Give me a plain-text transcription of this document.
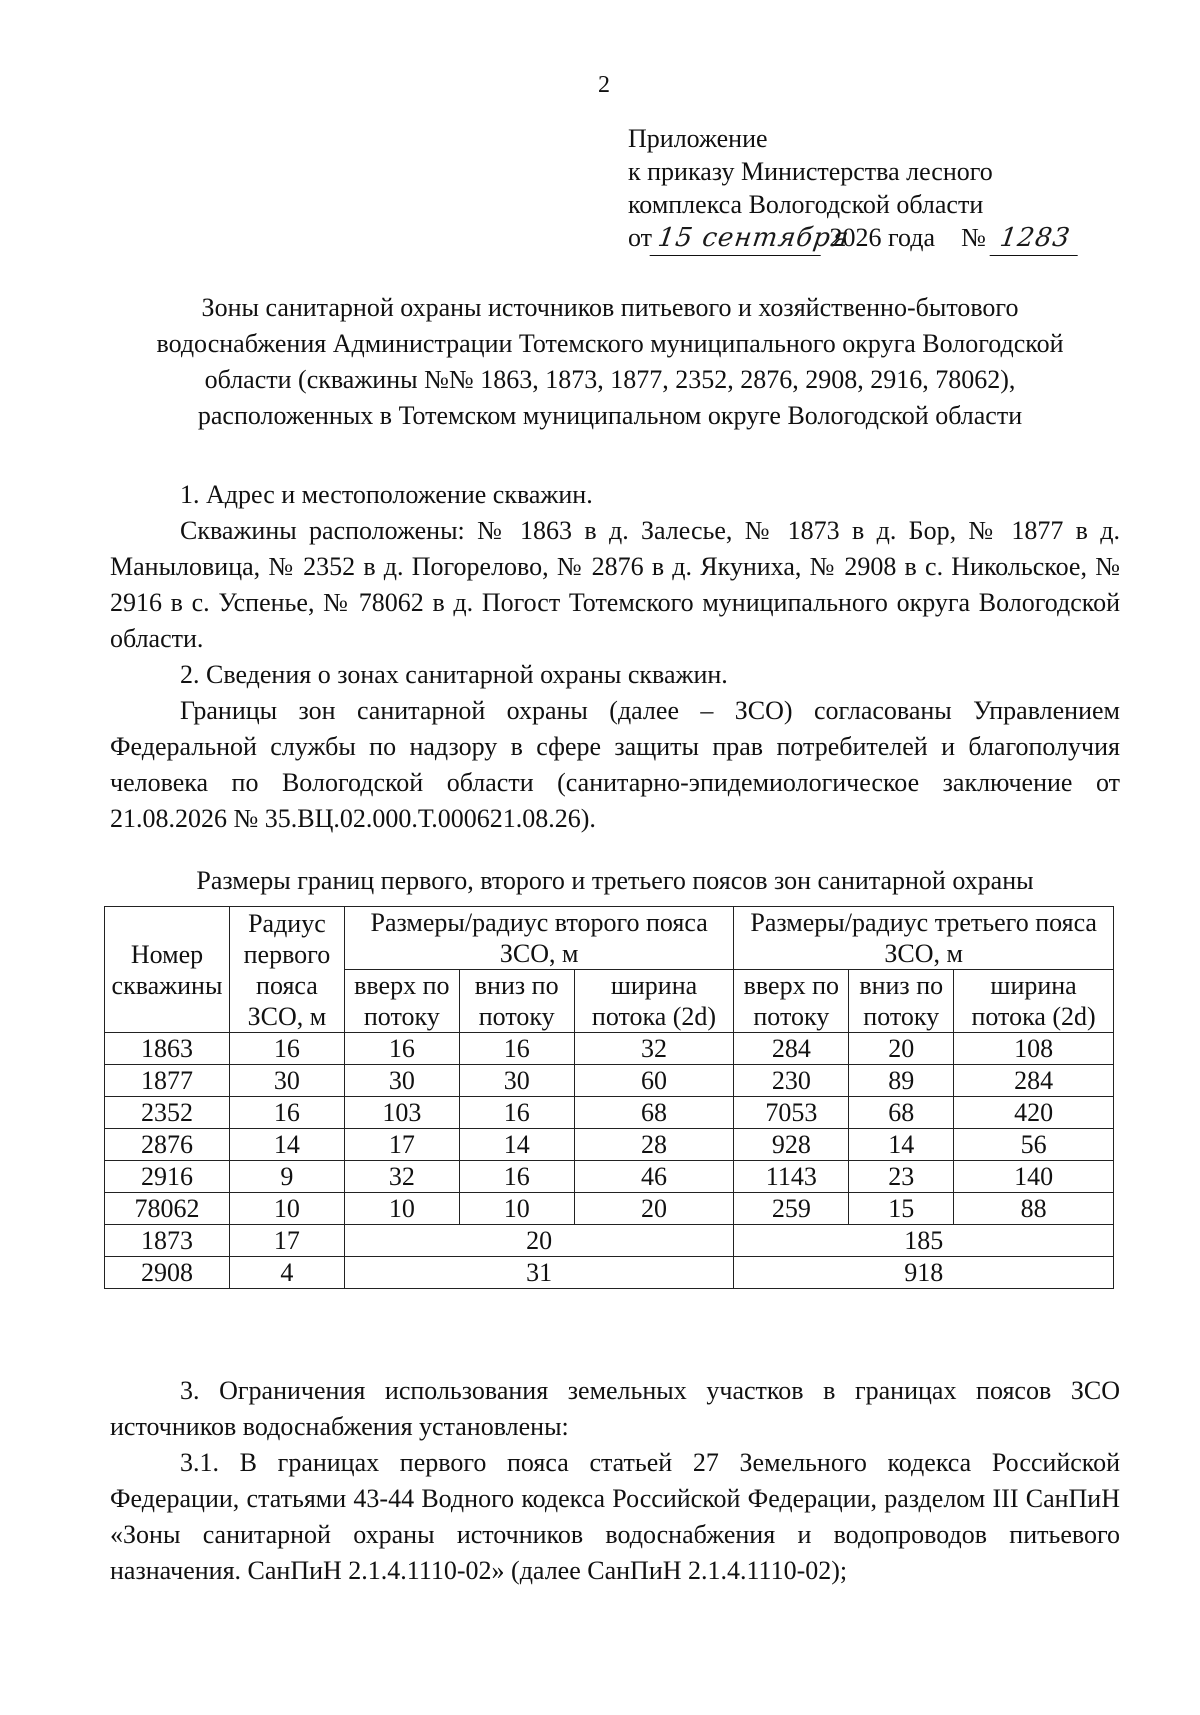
2
Приложение
к приказу Министерства лесного
комплекса Вологодской области
от 15 сентября 2026 года № 1283
Зоны санитарной охраны источников питьевого и хозяйственно-бытового
водоснабжения Администрации Тотемского муниципального округа Вологодской
области (скважины №№ 1863, 1873, 1877, 2352, 2876, 2908, 2916, 78062),
расположенных в Тотемском муниципальном округе Вологодской области
1. Адрес и местоположение скважин.
Скважины расположены: № 1863 в д. Залесье, № 1873 в д. Бор, № 1877 в д. Маныловица, № 2352 в д. Погорелово, № 2876 в д. Якуниха, № 2908 в с. Никольское, № 2916 в с. Успенье, № 78062 в д. Погост Тотемского муниципального округа Вологодской области.
2. Сведения о зонах санитарной охраны скважин.
Границы зон санитарной охраны (далее – ЗСО) согласованы Управлением Федеральной службы по надзору в сфере защиты прав потребителей и благополучия человека по Вологодской области (санитарно-эпидемиологическое заключение от 21.08.2026 № 35.ВЦ.02.000.Т.000621.08.26).
Размеры границ первого, второго и третьего поясов зон санитарной охраны
Номер скважины	Радиус первого пояса ЗСО, м	Размеры/радиус второго пояса ЗСО, м			Размеры/радиус третьего пояса ЗСО, м		
		вверх по потоку	вниз по потоку	ширина потока (2d)	вверх по потоку	вниз по потоку	ширина потока (2d)
1863	16	16	16	32	284	20	108
1877	30	30	30	60	230	89	284
2352	16	103	16	68	7053	68	420
2876	14	17	14	28	928	14	56
2916	9	32	16	46	1143	23	140
78062	10	10	10	20	259	15	88
1873	17	20			185		
2908	4	31			918		
3. Ограничения использования земельных участков в границах поясов ЗСО источников водоснабжения установлены:
3.1. В границах первого пояса статьей 27 Земельного кодекса Российской Федерации, статьями 43-44 Водного кодекса Российской Федерации, разделом III СанПиН «Зоны санитарной охраны источников водоснабжения и водопроводов питьевого назначения. СанПиН 2.1.4.1110-02» (далее СанПиН 2.1.4.1110-02);
